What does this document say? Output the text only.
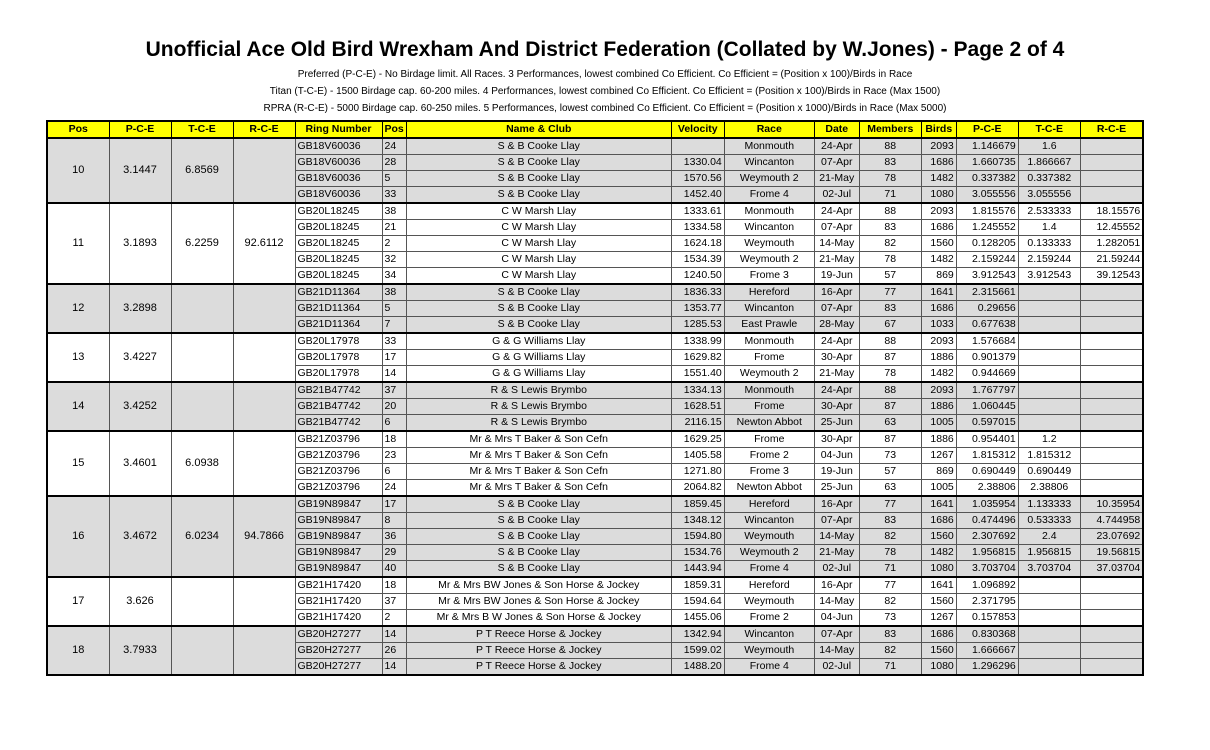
Unofficial Ace Old Bird Wrexham And District Federation (Collated by W.Jones) - Page 2 of 4
Preferred (P-C-E) - No Birdage limit. All Races. 3 Performances, lowest combined Co Efficient. Co Efficient = (Position x 100)/Birds in Race
Titan (T-C-E) - 1500 Birdage cap. 60-200 miles. 4 Performances, lowest combined Co Efficient. Co Efficient = (Position x 100)/Birds in Race (Max 1500)
RPRA (R-C-E) - 5000 Birdage cap. 60-250 miles. 5 Performances, lowest combined Co Efficient. Co Efficient = (Position x 1000)/Birds in Race (Max 5000)
Pos	P-C-E	T-C-E	R-C-E	Ring Number	Pos	Name & Club	Velocity	Race	Date	Members	Birds	P-C-E	T-C-E	R-C-E
10	3.1447	6.8569		GB18V60036	24	S & B Cooke Llay		Monmouth	24-Apr	88	2093	1.146679	1.6	
				GB18V60036	28	S & B Cooke Llay	1330.04	Wincanton	07-Apr	83	1686	1.660735	1.866667	
				GB18V60036	5	S & B Cooke Llay	1570.56	Weymouth 2	21-May	78	1482	0.337382	0.337382	
				GB18V60036	33	S & B Cooke Llay	1452.40	Frome 4	02-Jul	71	1080	3.055556	3.055556	
11	3.1893	6.2259	92.6112	GB20L18245	38	C W Marsh Llay	1333.61	Monmouth	24-Apr	88	2093	1.815576	2.533333	18.15576
				GB20L18245	21	C W Marsh Llay	1334.58	Wincanton	07-Apr	83	1686	1.245552	1.4	12.45552
				GB20L18245	2	C W Marsh Llay	1624.18	Weymouth	14-May	82	1560	0.128205	0.133333	1.282051
				GB20L18245	32	C W Marsh Llay	1534.39	Weymouth 2	21-May	78	1482	2.159244	2.159244	21.59244
				GB20L18245	34	C W Marsh Llay	1240.50	Frome 3	19-Jun	57	869	3.912543	3.912543	39.12543
12	3.2898			GB21D11364	38	S & B Cooke Llay	1836.33	Hereford	16-Apr	77	1641	2.315661		
				GB21D11364	5	S & B Cooke Llay	1353.77	Wincanton	07-Apr	83	1686	0.29656		
				GB21D11364	7	S & B Cooke Llay	1285.53	East Prawle	28-May	67	1033	0.677638		
13	3.4227			GB20L17978	33	G & G Williams Llay	1338.99	Monmouth	24-Apr	88	2093	1.576684		
				GB20L17978	17	G & G Williams Llay	1629.82	Frome	30-Apr	87	1886	0.901379		
				GB20L17978	14	G & G Williams Llay	1551.40	Weymouth 2	21-May	78	1482	0.944669		
14	3.4252			GB21B47742	37	R & S Lewis Brymbo	1334.13	Monmouth	24-Apr	88	2093	1.767797		
				GB21B47742	20	R & S Lewis Brymbo	1628.51	Frome	30-Apr	87	1886	1.060445		
				GB21B47742	6	R & S Lewis Brymbo	2116.15	Newton Abbot	25-Jun	63	1005	0.597015		
15	3.4601	6.0938		GB21Z03796	18	Mr & Mrs T Baker & Son Cefn	1629.25	Frome	30-Apr	87	1886	0.954401	1.2	
				GB21Z03796	23	Mr & Mrs T Baker & Son Cefn	1405.58	Frome 2	04-Jun	73	1267	1.815312	1.815312	
				GB21Z03796	6	Mr & Mrs T Baker & Son Cefn	1271.80	Frome 3	19-Jun	57	869	0.690449	0.690449	
				GB21Z03796	24	Mr & Mrs T Baker & Son Cefn	2064.82	Newton Abbot	25-Jun	63	1005	2.38806	2.38806	
16	3.4672	6.0234	94.7866	GB19N89847	17	S & B Cooke Llay	1859.45	Hereford	16-Apr	77	1641	1.035954	1.133333	10.35954
				GB19N89847	8	S & B Cooke Llay	1348.12	Wincanton	07-Apr	83	1686	0.474496	0.533333	4.744958
				GB19N89847	36	S & B Cooke Llay	1594.80	Weymouth	14-May	82	1560	2.307692	2.4	23.07692
				GB19N89847	29	S & B Cooke Llay	1534.76	Weymouth 2	21-May	78	1482	1.956815	1.956815	19.56815
				GB19N89847	40	S & B Cooke Llay	1443.94	Frome 4	02-Jul	71	1080	3.703704	3.703704	37.03704
17	3.626			GB21H17420	18	Mr & Mrs BW Jones & Son Horse & Jockey	1859.31	Hereford	16-Apr	77	1641	1.096892		
				GB21H17420	37	Mr & Mrs BW Jones & Son Horse & Jockey	1594.64	Weymouth	14-May	82	1560	2.371795		
				GB21H17420	2	Mr & Mrs B W Jones & Son Horse & Jockey	1455.06	Frome 2	04-Jun	73	1267	0.157853		
18	3.7933			GB20H27277	14	P T Reece Horse & Jockey	1342.94	Wincanton	07-Apr	83	1686	0.830368		
				GB20H27277	26	P T Reece Horse & Jockey	1599.02	Weymouth	14-May	82	1560	1.666667		
				GB20H27277	14	P T Reece Horse & Jockey	1488.20	Frome 4	02-Jul	71	1080	1.296296		
